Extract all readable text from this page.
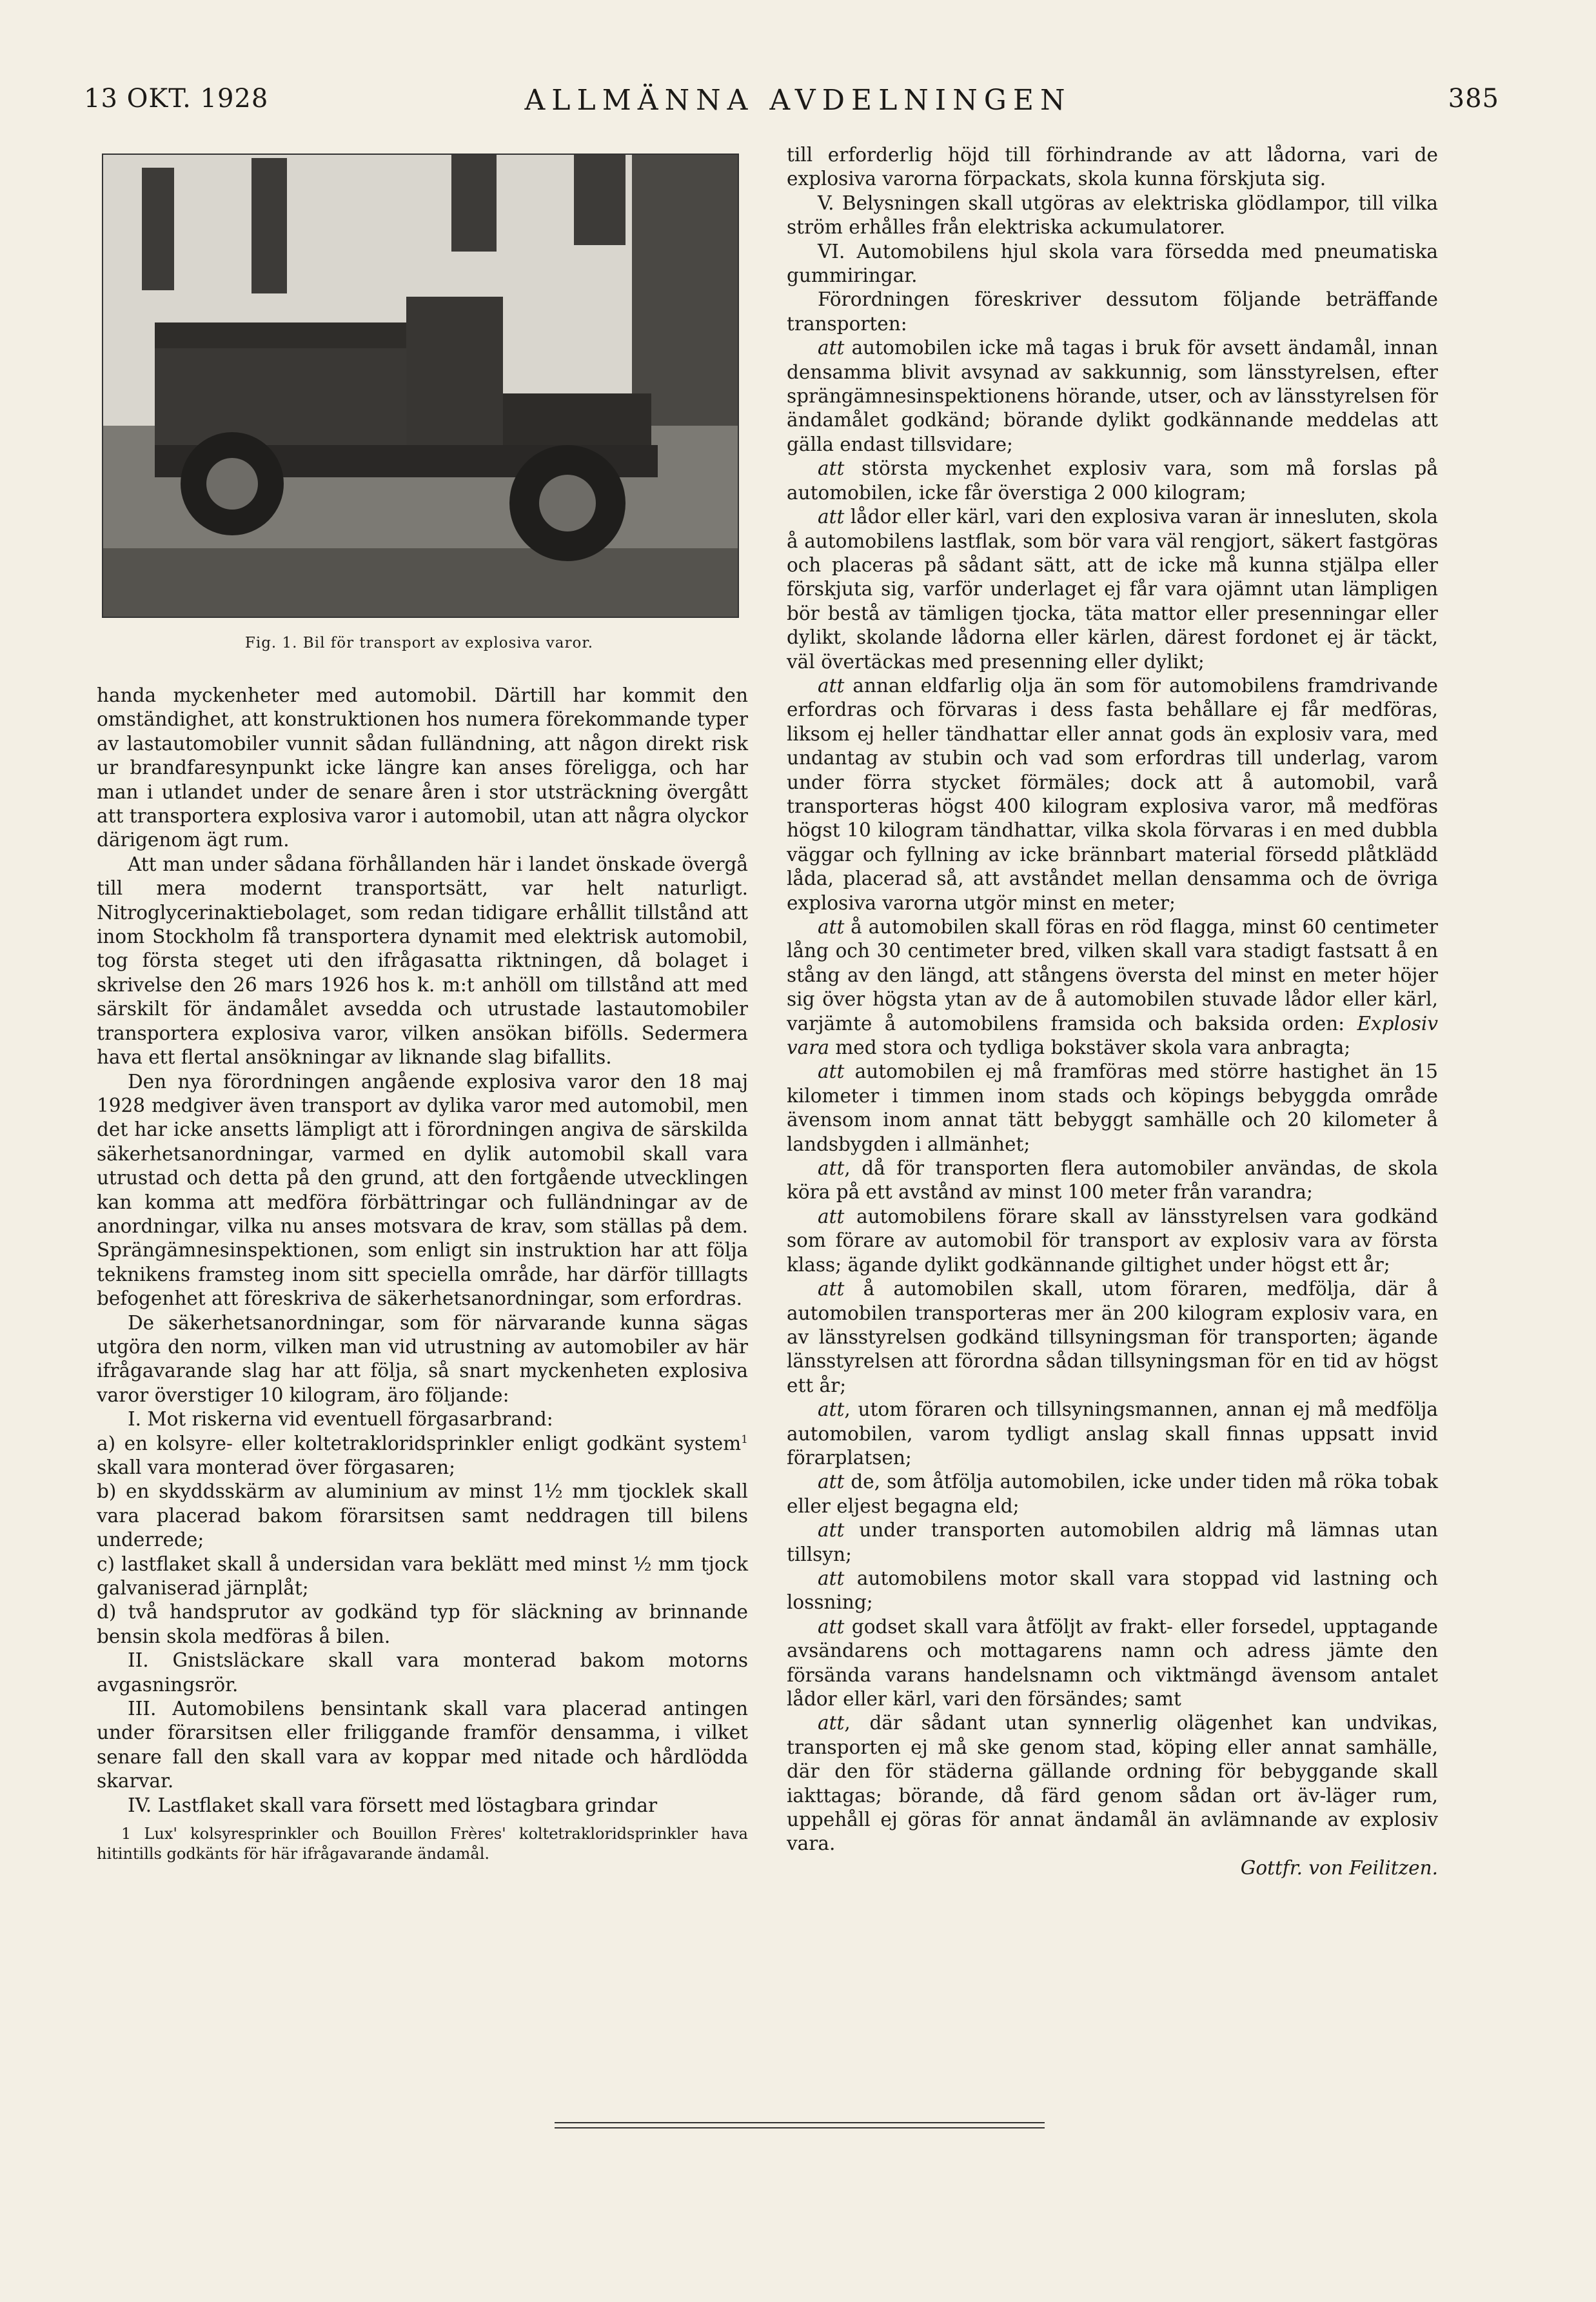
13 OKT. 1928	ALLMÄNNA AVDELNINGEN	385
Fig. 1. Bil för transport av explosiva varor.

handa myckenheter med automobil. Därtill har kommit den omständighet, att konstruktionen hos numera förekommande typer av lastautomobiler vunnit sådan fulländning, att någon direkt risk ur brandfaresynpunkt icke längre kan anses föreligga, och har man i utlandet under de senare åren i stor utsträckning övergått att transportera explosiva varor i automobil, utan att några olyckor därigenom ägt rum.

Att man under sådana förhållanden här i landet önskade övergå till mera modernt transportsätt, var helt naturligt. Nitroglycerinaktiebolaget, som redan tidigare erhållit tillstånd att inom Stockholm få transportera dynamit med elektrisk automobil, tog första steget uti den ifrågasatta riktningen, då bolaget i skrivelse den 26 mars 1926 hos k. m:t anhöll om tillstånd att med särskilt för ändamålet avsedda och utrustade lastautomobiler transportera explosiva varor, vilken ansökan bifölls. Sedermera hava ett flertal ansökningar av liknande slag bifallits.

Den nya förordningen angående explosiva varor den 18 maj 1928 medgiver även transport av dylika varor med automobil, men det har icke ansetts lämpligt att i förordningen angiva de särskilda säkerhetsanordningar, varmed en dylik automobil skall vara utrustad och detta på den grund, att den fortgående utvecklingen kan komma att medföra förbättringar och fulländningar av de anordningar, vilka nu anses motsvara de krav, som ställas på dem. Sprängämnesinspektionen, som enligt sin instruktion har att följa teknikens framsteg inom sitt speciella område, har därför tilllagts befogenhet att föreskriva de säkerhetsanordningar, som erfordras.

De säkerhetsanordningar, som för närvarande kunna sägas utgöra den norm, vilken man vid utrustning av automobiler av här ifrågavarande slag har att följa, så snart myckenheten explosiva varor överstiger 10 kilogram, äro följande:

I. Mot riskerna vid eventuell förgasarbrand:

a) en kolsyre- eller koltetrakloridsprinkler enligt godkänt system$^1$ skall vara monterad över förgasaren;

b) en skyddsskärm av aluminium av minst 1½ mm tjocklek skall vara placerad bakom förarsitsen samt neddragen till bilens underrede;

c) lastflaket skall å undersidan vara beklätt med minst ½ mm tjock galvaniserad järnplåt;

d) två handsprutor av godkänd typ för släckning av brinnande bensin skola medföras å bilen.

II. Gnistsläckare skall vara monterad bakom motorns avgasningsrör.

III. Automobilens bensintank skall vara placerad antingen under förarsitsen eller friliggande framför densamma, i vilket senare fall den skall vara av koppar med nitade och hårdlödda skarvar.

IV. Lastflaket skall vara försett med löstagbara grindar

1 Lux' kolsyresprinkler och Bouillon Frères' koltetrakloridsprinkler hava hitintills godkänts för här ifrågavarande ändamål.

till erforderlig höjd till förhindrande av att lådorna, vari de explosiva varorna förpackats, skola kunna förskjuta sig.

V. Belysningen skall utgöras av elektriska glödlampor, till vilka ström erhålles från elektriska ackumulatorer.

VI. Automobilens hjul skola vara försedda med pneumatiska gummiringar.

Förordningen föreskriver dessutom följande beträffande transporten:

att automobilen icke må tagas i bruk för avsett ändamål, innan densamma blivit avsynad av sakkunnig, som länsstyrelsen, efter sprängämnesinspektionens hörande, utser, och av länsstyrelsen för ändamålet godkänd; börande dylikt godkännande meddelas att gälla endast tillsvidare;

att största myckenhet explosiv vara, som må forslas på automobilen, icke får överstiga 2 000 kilogram;

att lådor eller kärl, vari den explosiva varan är innesluten, skola å automobilens lastflak, som bör vara väl rengjort, säkert fastgöras och placeras på sådant sätt, att de icke må kunna stjälpa eller förskjuta sig, varför underlaget ej får vara ojämnt utan lämpligen bör bestå av tämligen tjocka, täta mattor eller presenningar eller dylikt, skolande lådorna eller kärlen, därest fordonet ej är täckt, väl övertäckas med presenning eller dylikt;

att annan eldfarlig olja än som för automobilens framdrivande erfordras och förvaras i dess fasta behållare ej får medföras, liksom ej heller tändhattar eller annat gods än explosiv vara, med undantag av stubin och vad som erfordras till underlag, varom under förra stycket förmäles; dock att å automobil, varå transporteras högst 400 kilogram explosiva varor, må medföras högst 10 kilogram tändhattar, vilka skola förvaras i en med dubbla väggar och fyllning av icke brännbart material försedd plåtklädd låda, placerad så, att avståndet mellan densamma och de övriga explosiva varorna utgör minst en meter;

att å automobilen skall föras en röd flagga, minst 60 centimeter lång och 30 centimeter bred, vilken skall vara stadigt fastsatt å en stång av den längd, att stångens översta del minst en meter höjer sig över högsta ytan av de å automobilen stuvade lådor eller kärl, varjämte å automobilens framsida och baksida orden: Explosiv vara med stora och tydliga bokstäver skola vara anbragta;

att automobilen ej må framföras med större hastighet än 15 kilometer i timmen inom stads och köpings bebyggda område ävensom inom annat tätt bebyggt samhälle och 20 kilometer å landsbygden i allmänhet;

att, då för transporten flera automobiler användas, de skola köra på ett avstånd av minst 100 meter från varandra;

att automobilens förare skall av länsstyrelsen vara godkänd som förare av automobil för transport av explosiv vara av första klass; ägande dylikt godkännande giltighet under högst ett år;

att å automobilen skall, utom föraren, medfölja, där å automobilen transporteras mer än 200 kilogram explosiv vara, en av länsstyrelsen godkänd tillsyningsman för transporten; ägande länsstyrelsen att förordna sådan tillsyningsman för en tid av högst ett år;

att, utom föraren och tillsyningsmannen, annan ej må medfölja automobilen, varom tydligt anslag skall finnas uppsatt invid förarplatsen;

att de, som åtfölja automobilen, icke under tiden må röka tobak eller eljest begagna eld;

att under transporten automobilen aldrig må lämnas utan tillsyn;

att automobilens motor skall vara stoppad vid lastning och lossning;

att godset skall vara åtföljt av frakt- eller forsedel, upptagande avsändarens och mottagarens namn och adress jämte den försända varans handelsnamn och viktmängd ävensom antalet lådor eller kärl, vari den försändes; samt

att, där sådant utan synnerlig olägenhet kan undvikas, transporten ej må ske genom stad, köping eller annat samhälle, där den för städerna gällande ordning för bebyggande skall iakttagas; börande, då färd genom sådan ort äv-läger rum, uppehåll ej göras för annat ändamål än avlämnande av explosiv vara.

Gottfr. von Feilitzen.
